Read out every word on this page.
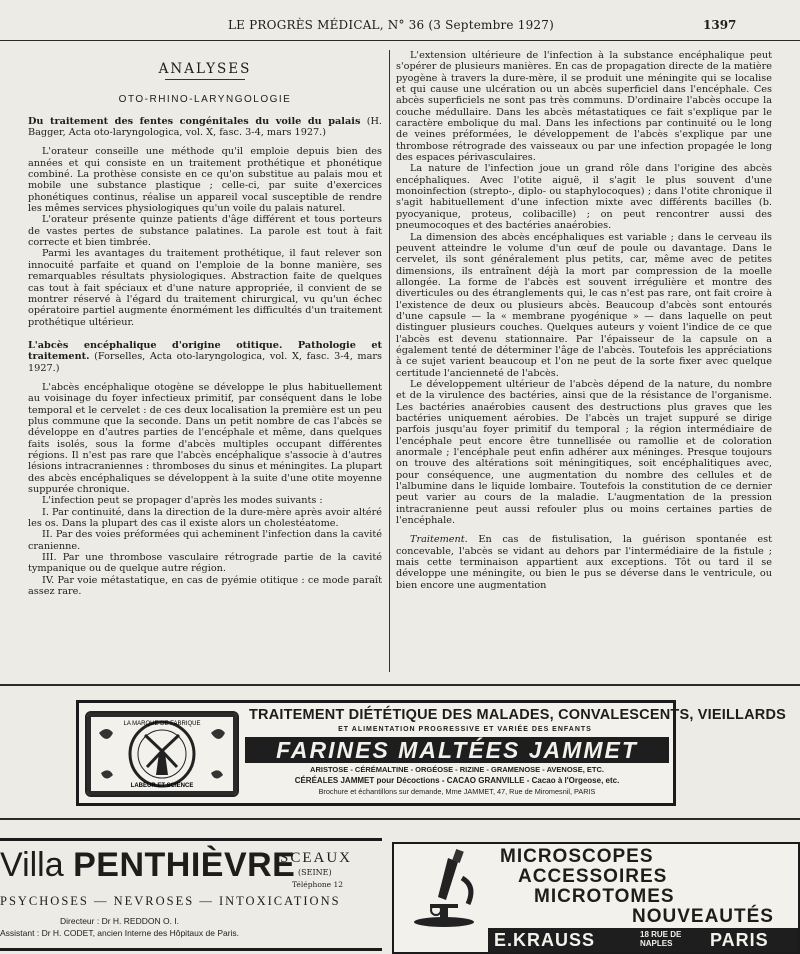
LE PROGRÈS MÉDICAL, N° 36 (3 Septembre 1927)	1397
ANALYSES
OTO-RHINO-LARYNGOLOGIE

Du traitement des fentes congénitales du voile du palais (H. Bagger, Acta oto-laryngologica, vol. X, fasc. 3-4, mars 1927.)

L'orateur conseille une méthode qu'il emploie depuis bien des années et qui consiste en un traitement prothétique et phonétique combiné. La prothèse consiste en ce qu'on substitue au palais mou et mobile une substance plastique ; celle-ci, par suite d'exercices phonétiques continus, réalise un appareil vocal susceptible de rendre les mêmes services physiologiques qu'un voile du palais naturel.

L'orateur présente quinze patients d'âge différent et tous porteurs de vastes pertes de substance palatines. La parole est tout à fait correcte et bien timbrée.

Parmi les avantages du traitement prothétique, il faut relever son innocuité parfaite et quand on l'emploie de la bonne manière, ses remarquables résultats physiologiques. Abstraction faite de quelques cas tout à fait spéciaux et d'une nature appropriée, il convient de se montrer réservé à l'égard du traitement chirurgical, vu qu'un échec opératoire partiel augmente énormément les difficultés d'un traitement prothétique ultérieur.

L'abcès encéphalique d'origine otitique. Pathologie et traitement. (Forselles, Acta oto-laryngologica, vol. X, fasc. 3-4, mars 1927.)

L'abcès encéphalique otogène se développe le plus habituellement au voisinage du foyer infectieux primitif, par conséquent dans le lobe temporal et le cervelet : de ces deux localisation la première est un peu plus commune que la seconde. Dans un petit nombre de cas l'abcès se développe en d'autres parties de l'encéphale et même, dans quelques faits isolés, sous la forme d'abcès multiples occupant différentes régions. Il n'est pas rare que l'abcès encéphalique s'associe à d'autres lésions intracraniennes : thromboses du sinus et méningites. La plupart des abcès encéphaliques se développent à la suite d'une otite moyenne suppurée chronique.

L'infection peut se propager d'après les modes suivants :

I. Par continuité, dans la direction de la dure-mère après avoir altéré les os. Dans la plupart des cas il existe alors un cholestéatome.

II. Par des voies préformées qui acheminent l'infection dans la cavité cranienne.

III. Par une thrombose vasculaire rétrograde partie de la cavité tympanique ou de quelque autre région.

IV. Par voie métastatique, en cas de pyémie otitique : ce mode paraît assez rare.

L'extension ultérieure de l'infection à la substance encéphalique peut s'opérer de plusieurs manières. En cas de propagation directe de la matière pyogène à travers la dure-mère, il se produit une méningite qui se localise et qui cause une ulcération ou un abcès superficiel dans l'encéphale. Ces abcès superficiels ne sont pas très communs. D'ordinaire l'abcès occupe la couche médullaire. Dans les abcès métastatiques ce fait s'explique par le caractère embolique du mal. Dans les infections par continuité ou le long de veines préformées, le développement de l'abcès s'explique par une thrombose rétrograde des vaisseaux ou par une infection propagée le long des espaces périvasculaires.

La nature de l'infection joue un grand rôle dans l'origine des abcès encéphaliques. Avec l'otite aiguë, il s'agit le plus souvent d'une monoinfection (strepto-, diplo- ou staphylocoques) ; dans l'otite chronique il s'agit habituellement d'une infection mixte avec différents bacilles (b. pyocyanique, proteus, colibacille) ; on peut rencontrer aussi des pneumocoques et des bactéries anaérobies.

La dimension des abcès encéphaliques est variable ; dans le cerveau ils peuvent atteindre le volume d'un œuf de poule ou davantage. Dans le cervelet, ils sont généralement plus petits, car, même avec de petites dimensions, ils entraînent déjà la mort par compression de la moelle allongée. La forme de l'abcès est souvent irrégulière et montre des diverticules ou des étranglements qui, le cas n'est pas rare, ont fait croire à l'existence de deux ou plusieurs abcès. Beaucoup d'abcès sont entourés d'une capsule — la « membrane pyogénique » — dans laquelle on peut distinguer plusieurs couches. Quelques auteurs y voient l'indice de ce que l'abcès est devenu stationnaire. Par l'épaisseur de la capsule on a également tenté de déterminer l'âge de l'abcès. Toutefois les appréciations à ce sujet varient beaucoup et l'on ne peut de la sorte fixer avec quelque certitude l'ancienneté de l'abcès.

Le développement ultérieur de l'abcès dépend de la nature, du nombre et de la virulence des bactéries, ainsi que de la résistance de l'organisme. Les bactéries anaérobies causent des destructions plus graves que les bactéries uniquement aérobies. De l'abcès un trajet suppuré se dirige parfois jusqu'au foyer primitif du temporal ; la région intermédiaire de l'encéphale peut encore être tunnellisée ou ramollie et de coloration anormale ; l'encéphale peut enfin adhérer aux méninges. Presque toujours on trouve des altérations soit méningitiques, soit encéphalitiques avec, pour conséquence, une augmentation du nombre des cellules et de l'albumine dans le liquide lombaire. Toutefois la constitution de ce dernier peut varier au cours de la maladie. L'augmentation de la pression intracranienne peut aussi refouler plus ou moins certaines parties de l'encéphale.

Traitement. En cas de fistulisation, la guérison spontanée est concevable, l'abcès se vidant au dehors par l'intermédiaire de la fistule ; mais cette terminaison appartient aux exceptions. Tôt ou tard il se développe une méningite, ou bien le pus se déverse dans le ventricule, ou bien encore une augmentation

LA MARQUE DE FABRIQUE
LABEUR ET SCIENCE
TRAITEMENT DIÉTÉTIQUE DES MALADES, CONVALESCENTS, VIEILLARDS
ET ALIMENTATION PROGRESSIVE ET VARIÉE DES ENFANTS
FARINES MALTÉES JAMMET
ARISTOSE - CÉRÉMALTINE - ORGÉOSE - RIZINE - GRAMENOSE - AVENOSE, ETC.
CÉRÉALES JAMMET pour Décoctions - CACAO GRANVILLE - Cacao à l'Orgeose, etc.
Brochure et échantillons sur demande, Mme JAMMET, 47, Rue de Miromesnil, PARIS
Villa PENTHIÈVRE
SCEAUX
(SEINE)
Téléphone 12
PSYCHOSES — NEVROSES — INTOXICATIONS
Directeur : Dr H. REDDON O. I.
Assistant : Dr H. CODET, ancien Interne des Hôpitaux de Paris.
MICROSCOPES
ACCESSOIRES
MICROTOMES
NOUVEAUTÉS
E.KRAUSS	18 RUE DE
NAPLES	PARIS
